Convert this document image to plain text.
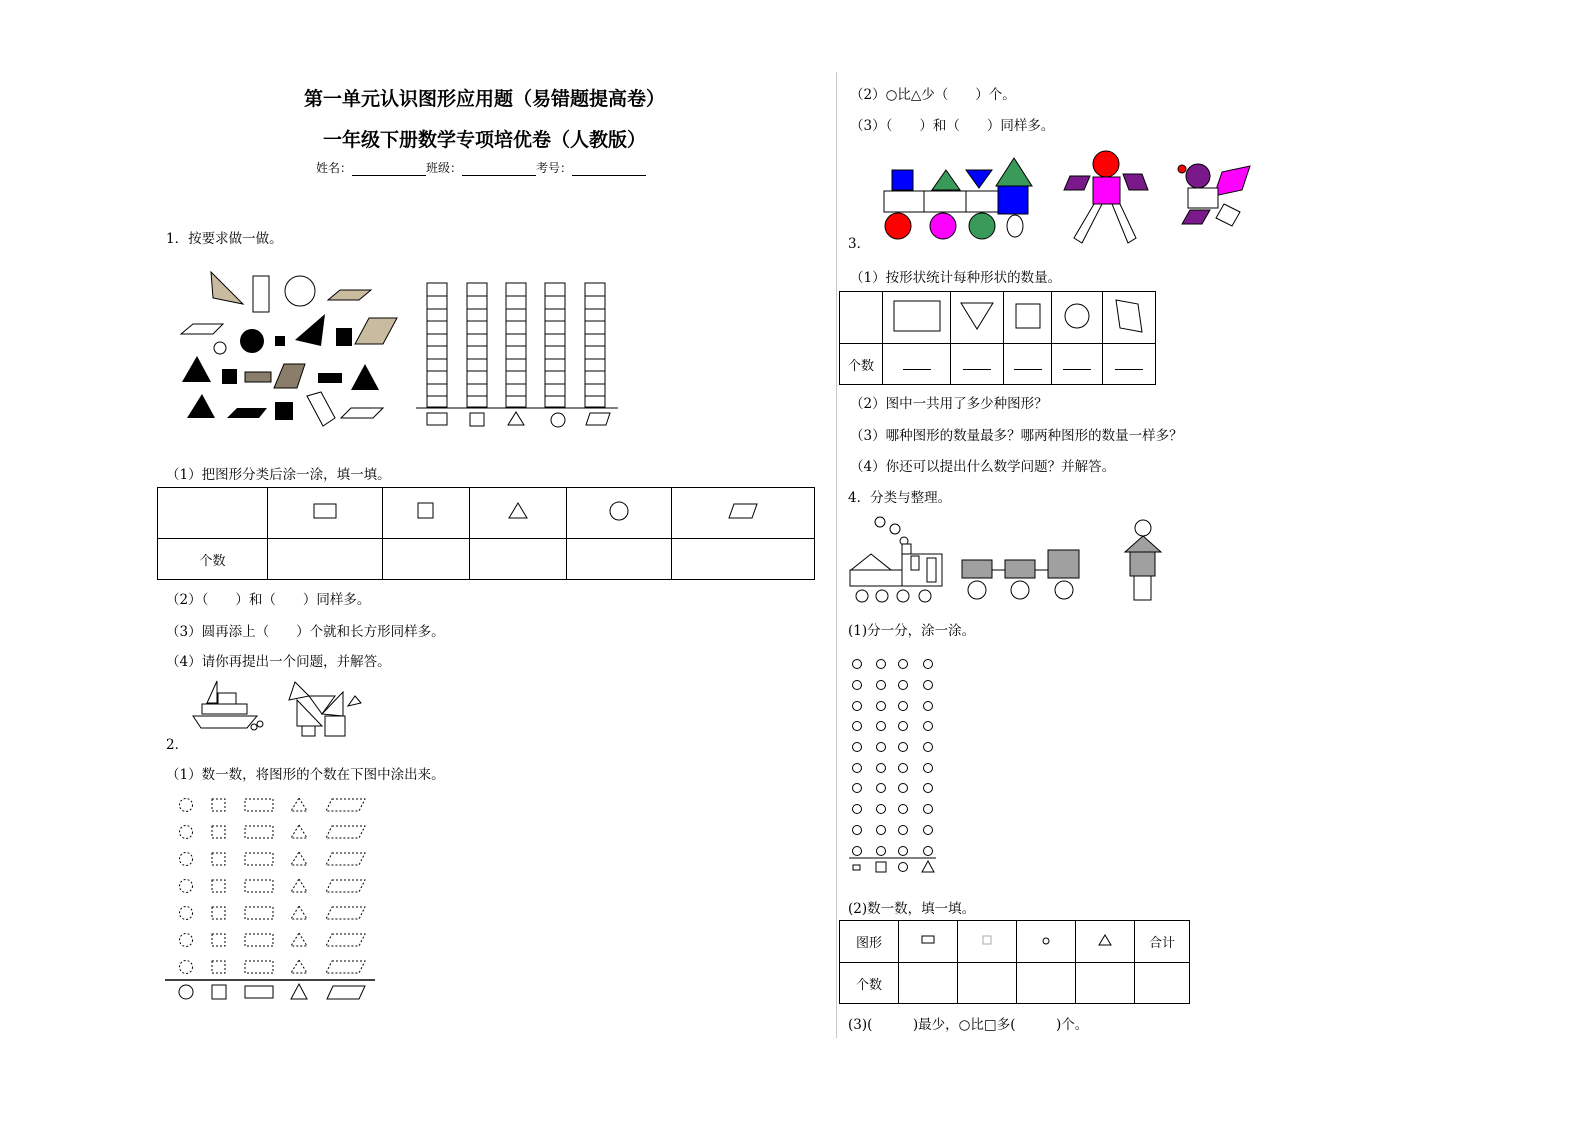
第一单元认识图形应用题（易错题提高卷）
一年级下册数学专项培优卷（人教版）
姓名：	班级：	考号：
1．按要求做一做。
（1）把图形分类后涂一涂，填一填。

个数					
（2）（　　）和（　　）同样多。
（3）圆再添上（　　）个就和长方形同样多。
（4）请你再提出一个问题，并解答。
2．
（1）数一数，将图形的个数在下图中涂出来。
（2）○比△少（　　）个。
（3）（　　）和（　　）同样多。
3．
（1）按形状统计每种形状的数量。

个数					
（2）图中一共用了多少种图形？
（3）哪种图形的数量最多？哪两种图形的数量一样多？
（4）你还可以提出什么数学问题？并解答。
4．分类与整理。
(1)分一分，涂一涂。
(2)数一数，填一填。
图形					合计
个数					
(3)(　　　)最少，○比□多(　　　)个。
